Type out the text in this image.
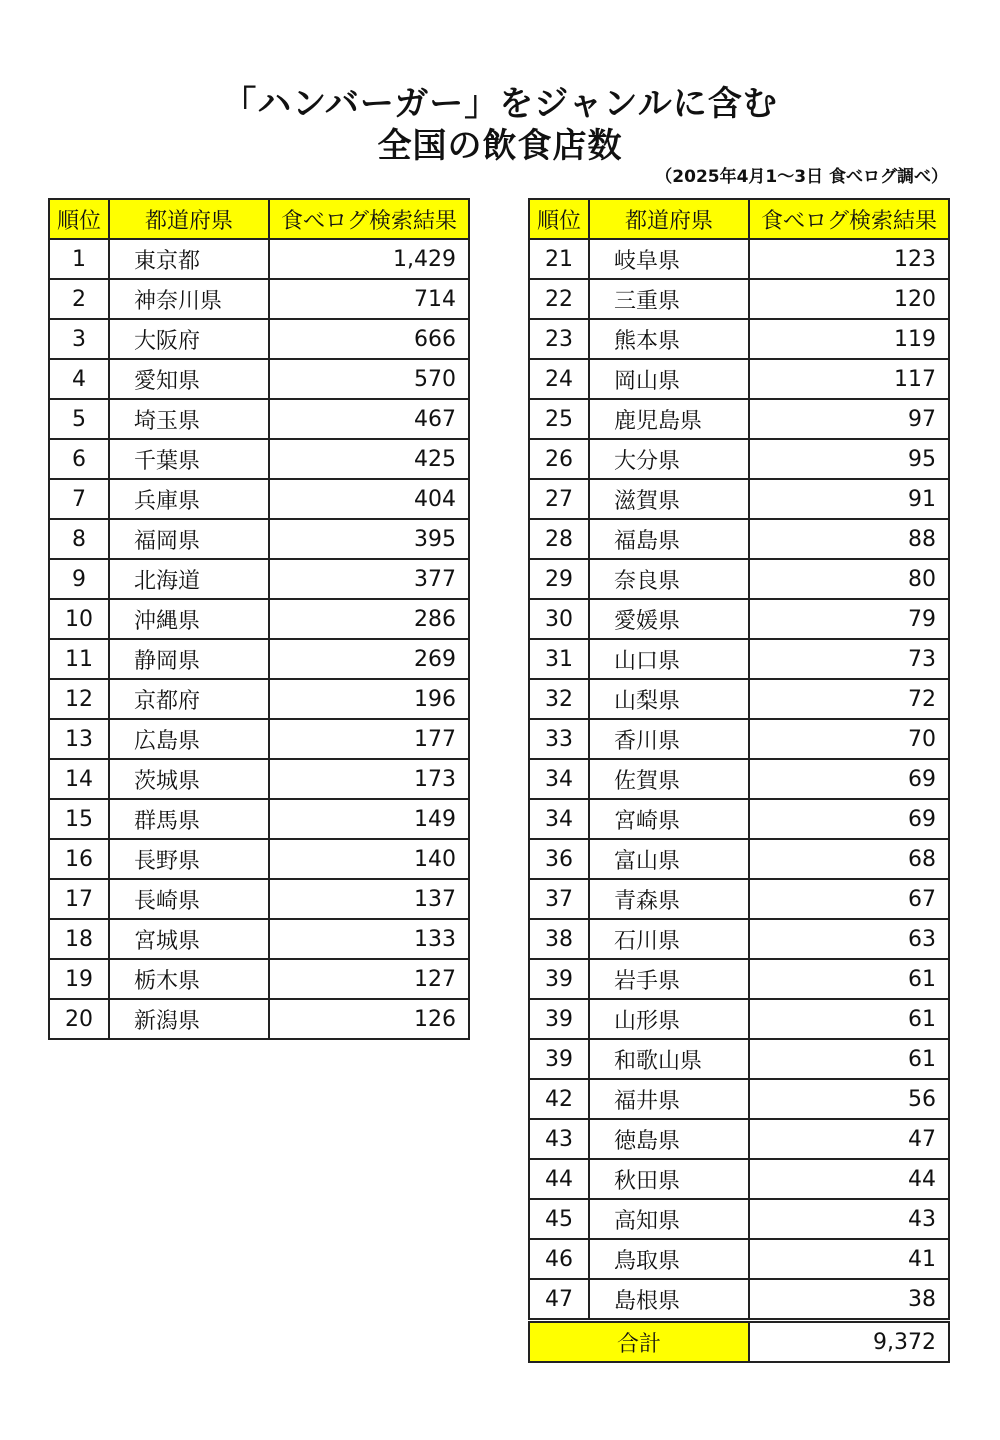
「ハンバーガー」をジャンルに含む
全国の飲食店数
（2025年4月1～3日 食べログ調べ）
順位	都道府県	食べログ検索結果
1	東京都	1,429
2	神奈川県	714
3	大阪府	666
4	愛知県	570
5	埼玉県	467
6	千葉県	425
7	兵庫県	404
8	福岡県	395
9	北海道	377
10	沖縄県	286
11	静岡県	269
12	京都府	196
13	広島県	177
14	茨城県	173
15	群馬県	149
16	長野県	140
17	長崎県	137
18	宮城県	133
19	栃木県	127
20	新潟県	126
順位	都道府県	食べログ検索結果
21	岐阜県	123
22	三重県	120
23	熊本県	119
24	岡山県	117
25	鹿児島県	97
26	大分県	95
27	滋賀県	91
28	福島県	88
29	奈良県	80
30	愛媛県	79
31	山口県	73
32	山梨県	72
33	香川県	70
34	佐賀県	69
34	宮崎県	69
36	富山県	68
37	青森県	67
38	石川県	63
39	岩手県	61
39	山形県	61
39	和歌山県	61
42	福井県	56
43	徳島県	47
44	秋田県	44
45	高知県	43
46	鳥取県	41
47	島根県	38
合計		9,372
